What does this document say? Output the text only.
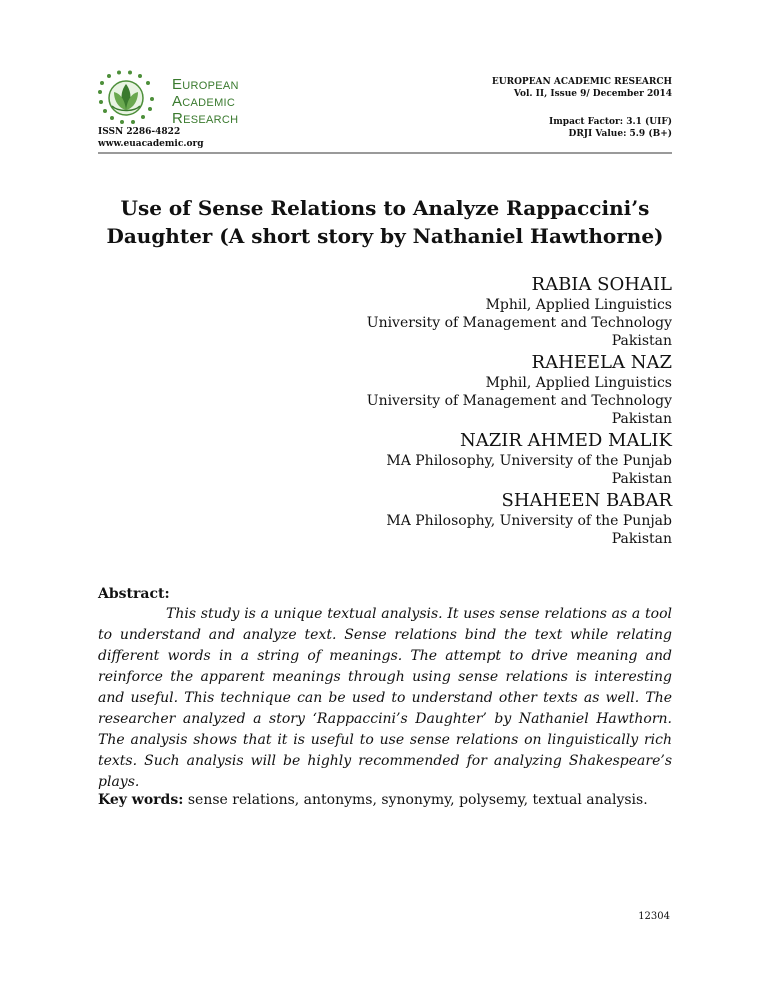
European
Academic
Research
ISSN 2286-4822
www.euacademic.org
EUROPEAN ACADEMIC RESEARCH
Vol. II, Issue 9/ December 2014
Impact Factor: 3.1 (UIF)
DRJI Value: 5.9 (B+)
Use of Sense Relations to Analyze Rappaccini’s
Daughter (A short story by Nathaniel Hawthorne)
RABIA SOHAIL
Mphil, Applied Linguistics
University of Management and Technology
Pakistan
RAHEELA NAZ
Mphil, Applied Linguistics
University of Management and Technology
Pakistan
NAZIR AHMED MALIK
MA Philosophy, University of the Punjab
Pakistan
SHAHEEN BABAR
MA Philosophy, University of the Punjab
Pakistan
Abstract:

This study is a unique textual analysis. It uses sense relations as a tool to understand and analyze text. Sense relations bind the text while relating different words in a string of meanings. The attempt to drive meaning and reinforce the apparent meanings through using sense relations is interesting and useful. This technique can be used to understand other texts as well. The researcher analyzed a story ‘Rappaccini’s Daughter’ by Nathaniel Hawthorn. The analysis shows that it is useful to use sense relations on linguistically rich texts. Such analysis will be highly recommended for analyzing Shakespeare’s plays.

Key words: sense relations, antonyms, synonymy, polysemy, textual analysis.
12304
